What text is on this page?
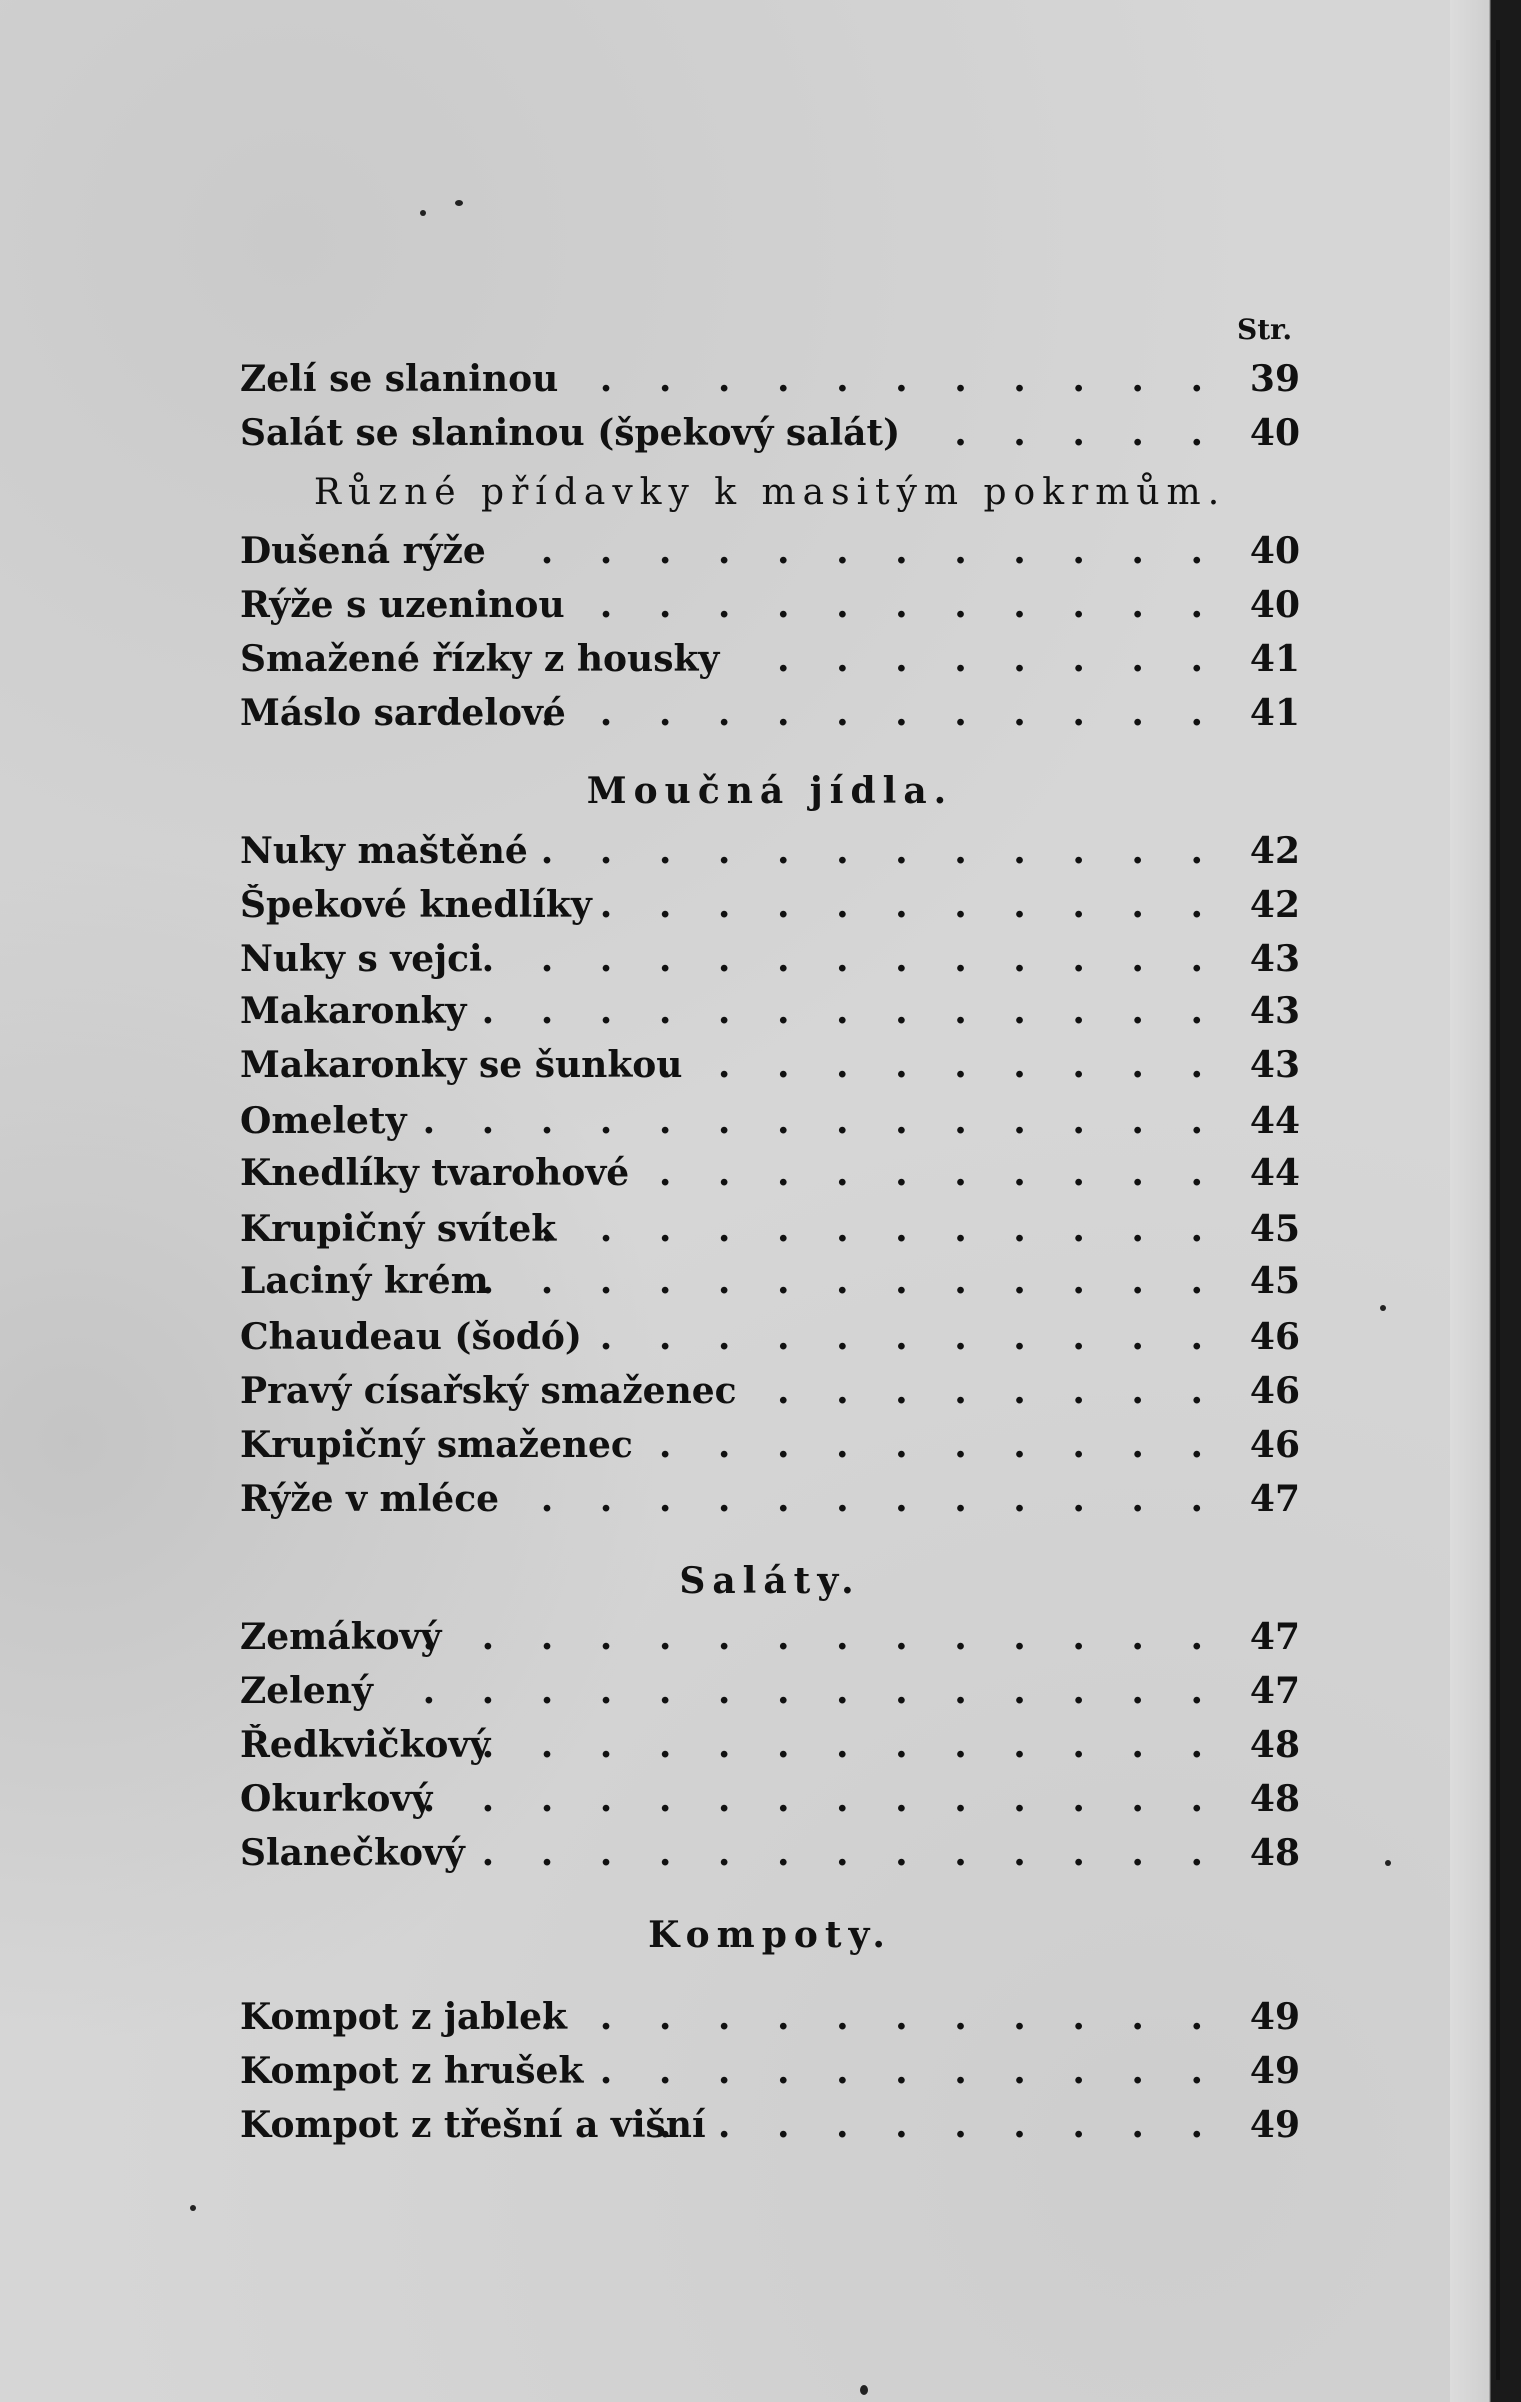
Str.
Zelí se slaninou . . . . . . . . . . . 39
Salát se slaninou (špekový salát) . . . . . 40
Různé přídavky k masitým pokrmům.
Dušená rýže . . . . . . . . . . . . 40
Rýže s uzeninou . . . . . . . . . . . 40
Smažené řízky z housky . . . . . . . . 41
Máslo sardelové
. . . . . . . . . . . . 41
Moučná jídla.
Nuky maštěné . . . . . . . . . . . . 42
Špekové knedlíky . . . . . . . . . . . 42
Nuky s vejci
. . . . . . . . . . . . . 43
Makaronky
. . . . . . . . . . . . . . 43
Makaronky se šunkou
. . . . . . . . . . 43
Omelety . . . . . . . . . . . . . . 44
Knedlíky tvarohové . . . . . . . . . . 44
Krupičný svítek
. . . . . . . . . . . . 45
Laciný krém
. . . . . . . . . . . . . 45
Chaudeau (šodó) . . . . . . . . . . . 46
Pravý císařský smaženec . . . . . . . . 46
Krupičný smaženec . . . . . . . . . . 46
Rýže v mléce . . . . . . . . . . . . 47
Saláty.
Zemákový
. . . . . . . . . . . . . . 47
Zelený . . . . . . . . . . . . . . 47
Ředkvičkový
. . . . . . . . . . . . . 48
Okurkový
. . . . . . . . . . . . . . 48
Slanečkový . . . . . . . . . . . . . 48
Kompoty.
Kompot z jablek
. . . . . . . . . . . . 49
Kompot z hrušek . . . . . . . . . . . 49
Kompot z třešní a višní
. . . . . . . . . . 49
